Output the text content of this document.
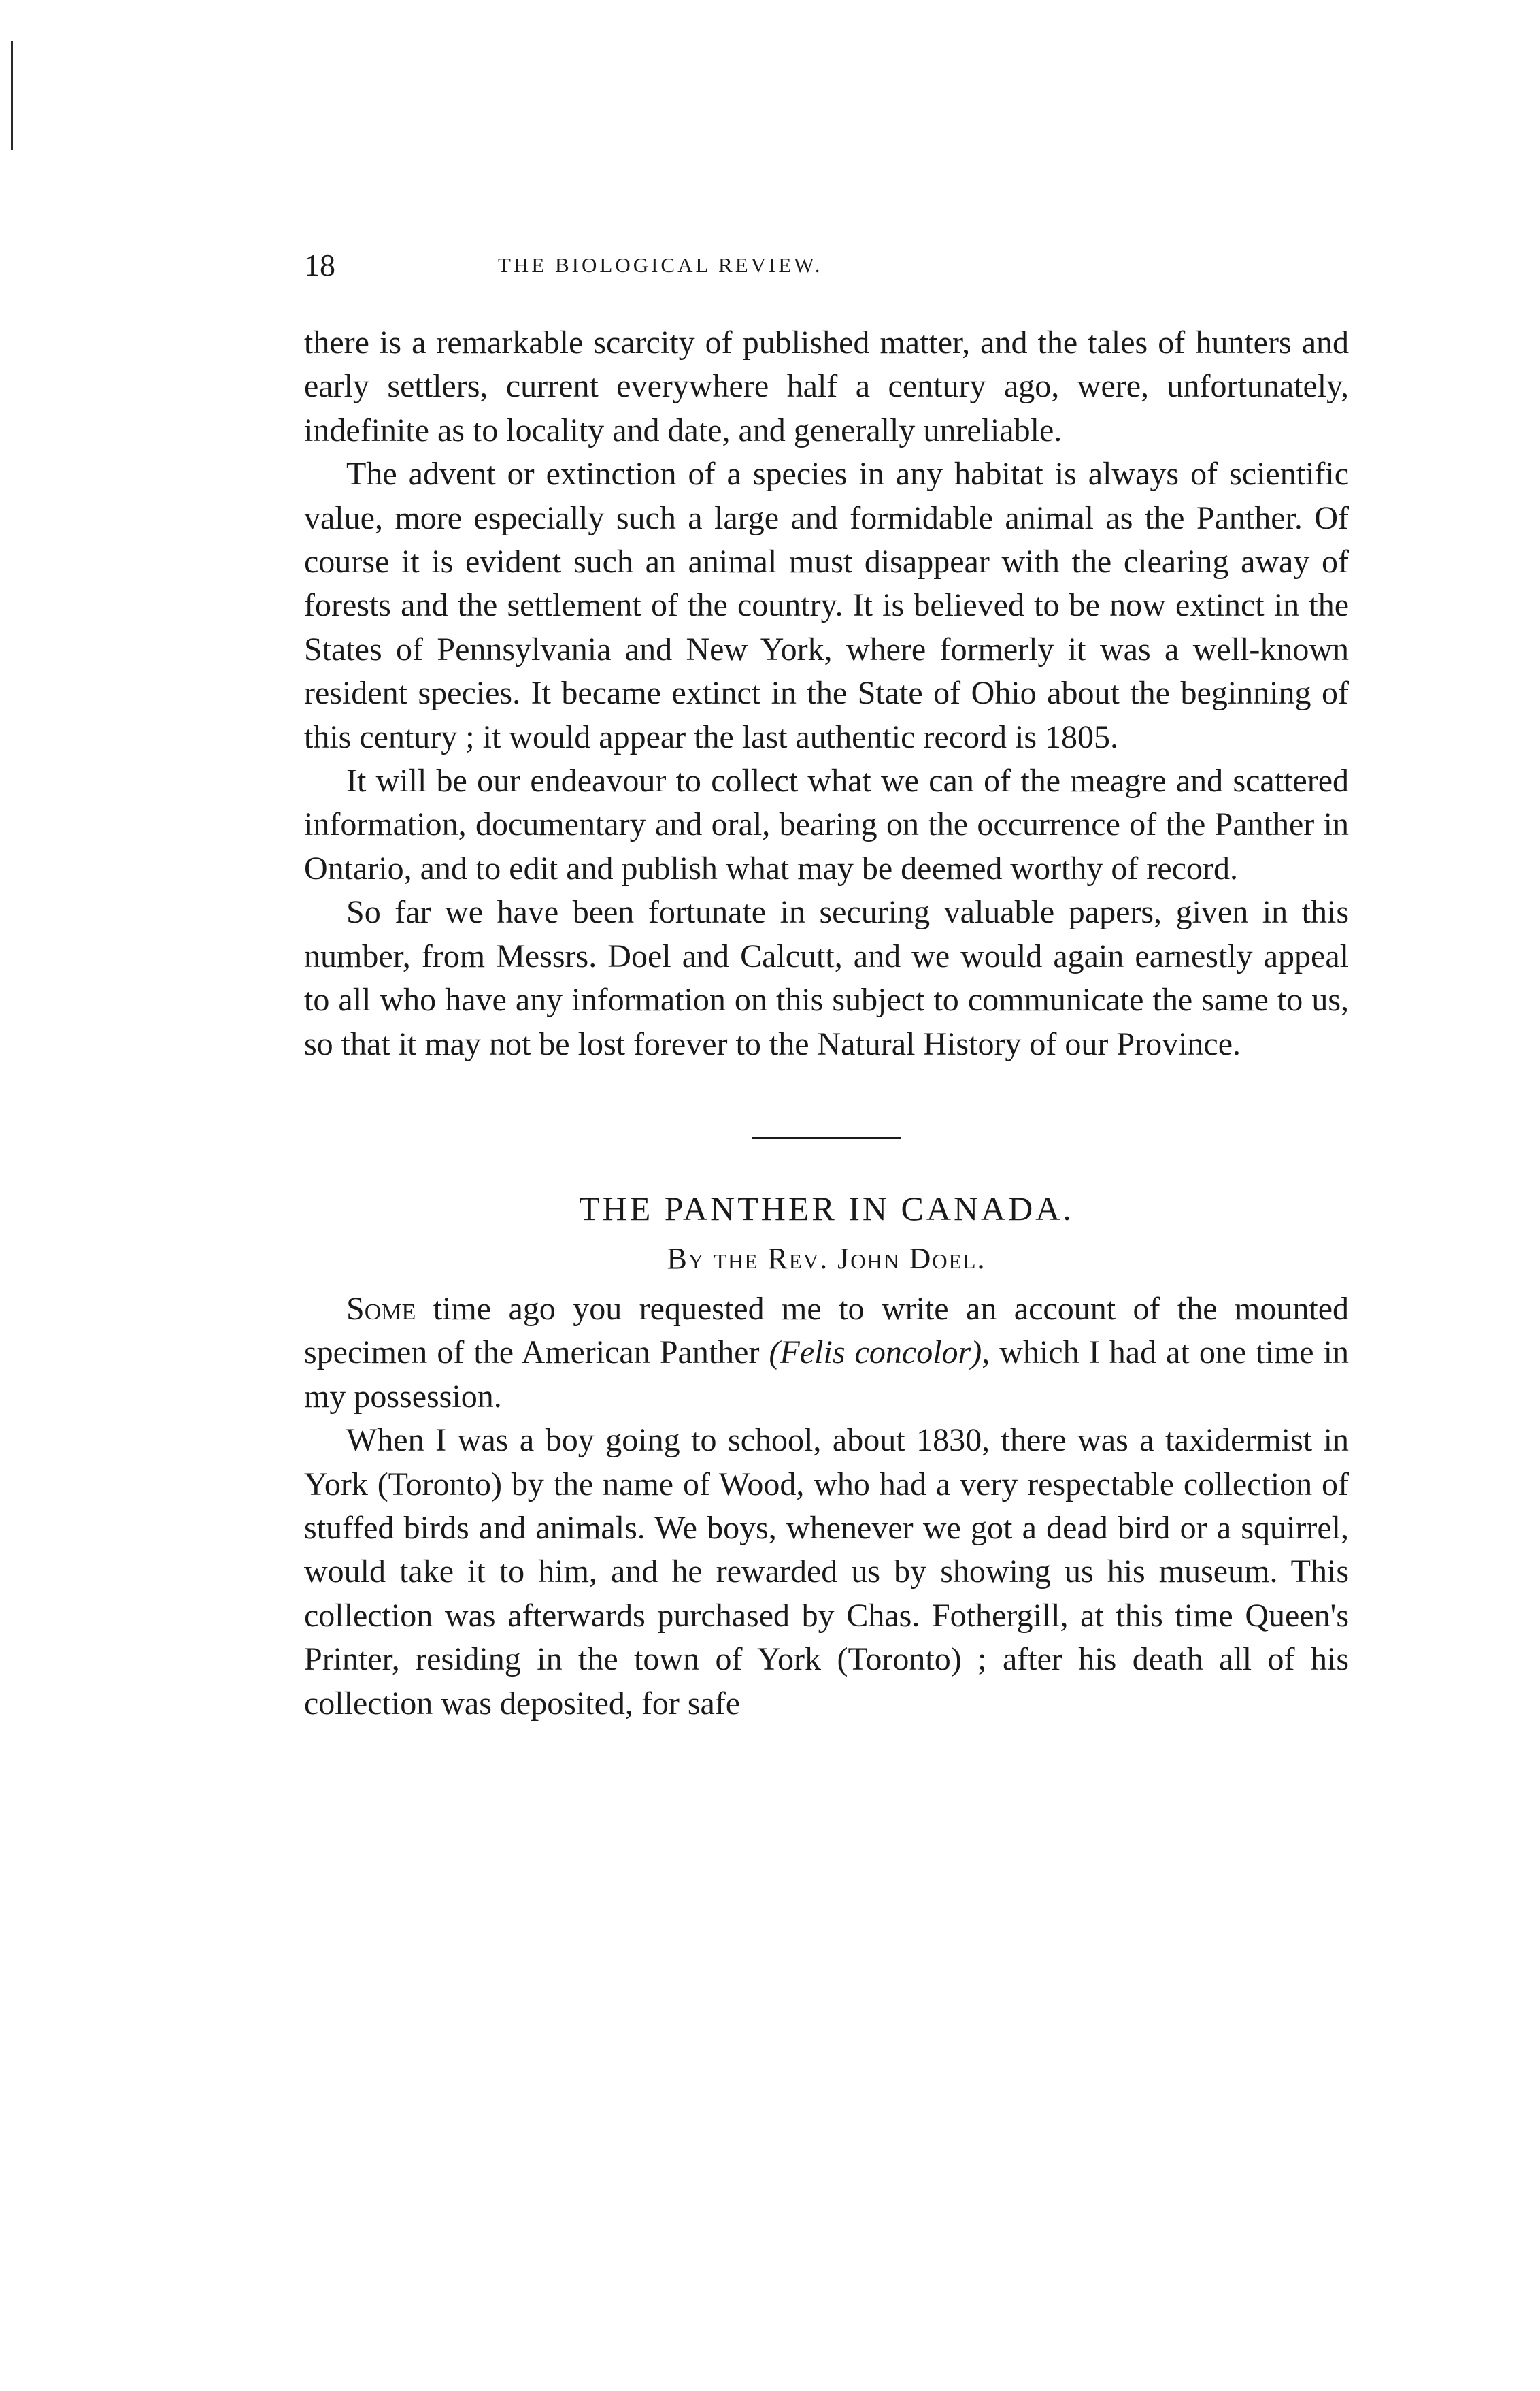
18	THE BIOLOGICAL REVIEW.

there is a remarkable scarcity of published matter, and the tales of hunters and early settlers, current everywhere half a century ago, were, unfortunately, indefinite as to locality and date, and generally unreliable.

The advent or extinction of a species in any habitat is always of scientific value, more especially such a large and formidable animal as the Panther. Of course it is evident such an animal must disappear with the clearing away of forests and the settlement of the country. It is believed to be now extinct in the States of Pennsylvania and New York, where formerly it was a well-known resident species. It became extinct in the State of Ohio about the beginning of this century ; it would appear the last authentic record is 1805.

It will be our endeavour to collect what we can of the meagre and scattered information, documentary and oral, bearing on the occurrence of the Panther in Ontario, and to edit and publish what may be deemed worthy of record.

So far we have been fortunate in securing valuable papers, given in this number, from Messrs. Doel and Calcutt, and we would again earnestly appeal to all who have any information on this subject to communicate the same to us, so that it may not be lost forever to the Natural History of our Province.

THE PANTHER IN CANADA.
By the Rev. John Doel.

Some time ago you requested me to write an account of the mounted specimen of the American Panther (Felis concolor), which I had at one time in my possession.

When I was a boy going to school, about 1830, there was a taxidermist in York (Toronto) by the name of Wood, who had a very respectable collection of stuffed birds and animals. We boys, whenever we got a dead bird or a squirrel, would take it to him, and he rewarded us by showing us his museum. This collection was afterwards purchased by Chas. Fothergill, at this time Queen's Printer, residing in the town of York (Toronto) ; after his death all of his collection was deposited, for safe
